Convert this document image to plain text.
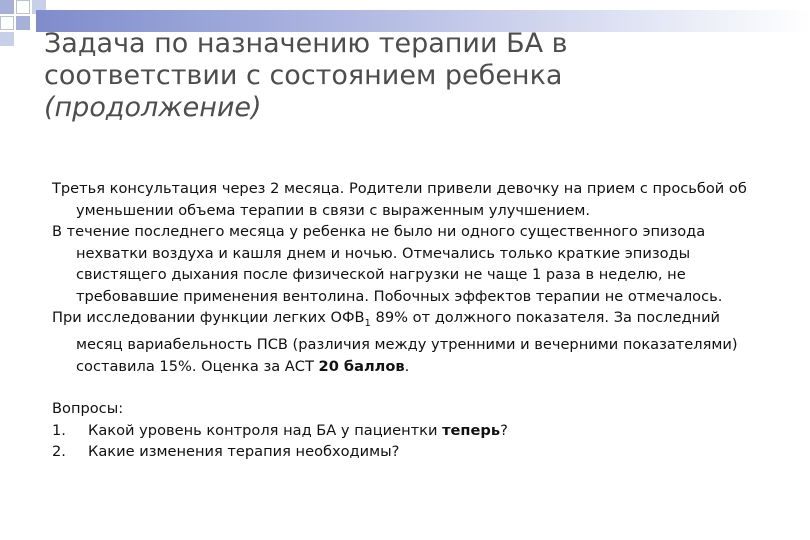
Задача по назначению терапии БА в
соответствии с состоянием ребенка
(продолжение)
Третья консультация через 2 месяца. Родители привели девочку на прием с просьбой об
уменьшении объема терапии в связи с выраженным улучшением.
В течение последнего месяца у ребенка не было ни одного существенного эпизода
нехватки воздуха и кашля днем и ночью. Отмечались только краткие эпизоды
свистящего дыхания после физической нагрузки не чаще 1 раза в неделю, не
требовавшие применения вентолина. Побочных эффектов терапии не отмечалось.
При исследовании функции легких $ОФВ_1$ 89% от должного показателя. За последний
месяц вариабельность ПСВ (различия между утренними и вечерними показателями)
составила 15%. Оценка за АСТ 20 баллов.
Вопросы:
1. Какой уровень контроля над БА у пациентки теперь?
2. Какие изменения терапия необходимы?
